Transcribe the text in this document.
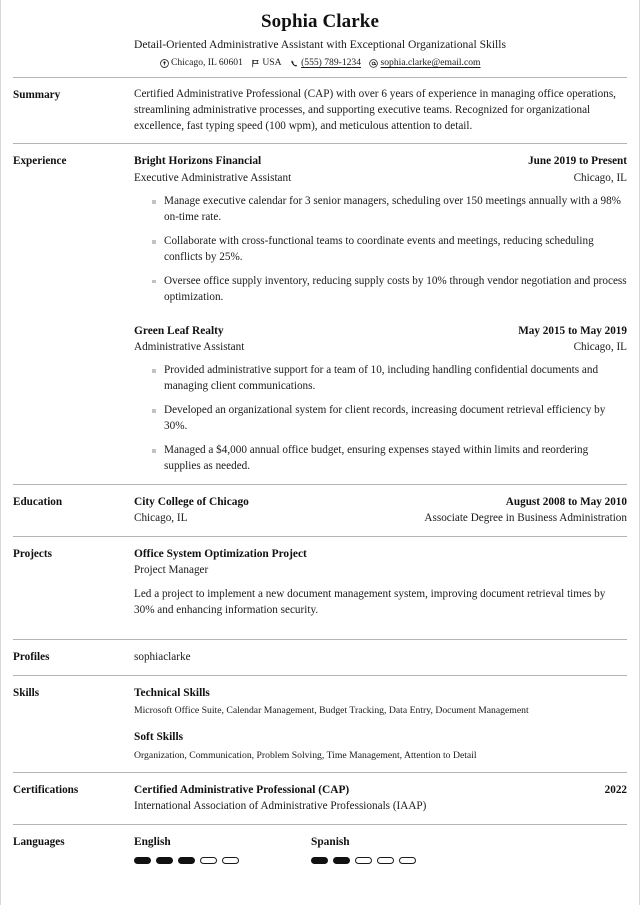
Sophia Clarke
Detail-Oriented Administrative Assistant with Exceptional Organizational Skills
Chicago, IL 60601 USA (555) 789-1234 sophia.clarke@email.com
Summary	Certified Administrative Professional (CAP) with over 6 years of experience in managing office operations, streamlining administrative processes, and supporting executive teams. Recognized for organizational excellence, fast typing speed (100 wpm), and meticulous attention to detail.

Experience	Bright Horizons Financial	June 2019 to Present
Executive Administrative Assistant	Chicago, IL
Manage executive calendar for 3 senior managers, scheduling over 150 meetings annually with a 98% on-time rate.
Collaborate with cross-functional teams to coordinate events and meetings, reducing scheduling conflicts by 25%.
Oversee office supply inventory, reducing supply costs by 10% through vendor negotiation and process optimization.
Green Leaf Realty	May 2015 to May 2019
Administrative Assistant	Chicago, IL
Provided administrative support for a team of 10, including handling confidential documents and managing client communications.
Developed an organizational system for client records, increasing document retrieval efficiency by 30%.
Managed a $4,000 annual office budget, ensuring expenses stayed within limits and reordering supplies as needed.
Education	City College of Chicago	August 2008 to May 2010
Chicago, IL	Associate Degree in Business Administration
Projects	Office System Optimization Project
Project Manager

Led a project to implement a new document management system, improving document retrieval times by 30% and enhancing information security.

Profiles	sophiaclarke
Skills	Technical Skills
Microsoft Office Suite, Calendar Management, Budget Tracking, Data Entry, Document Management
Soft Skills
Organization, Communication, Problem Solving, Time Management, Attention to Detail
Certifications	Certified Administrative Professional (CAP)	2022
International Association of Administrative Professionals (IAAP)
Languages	English	Spanish
